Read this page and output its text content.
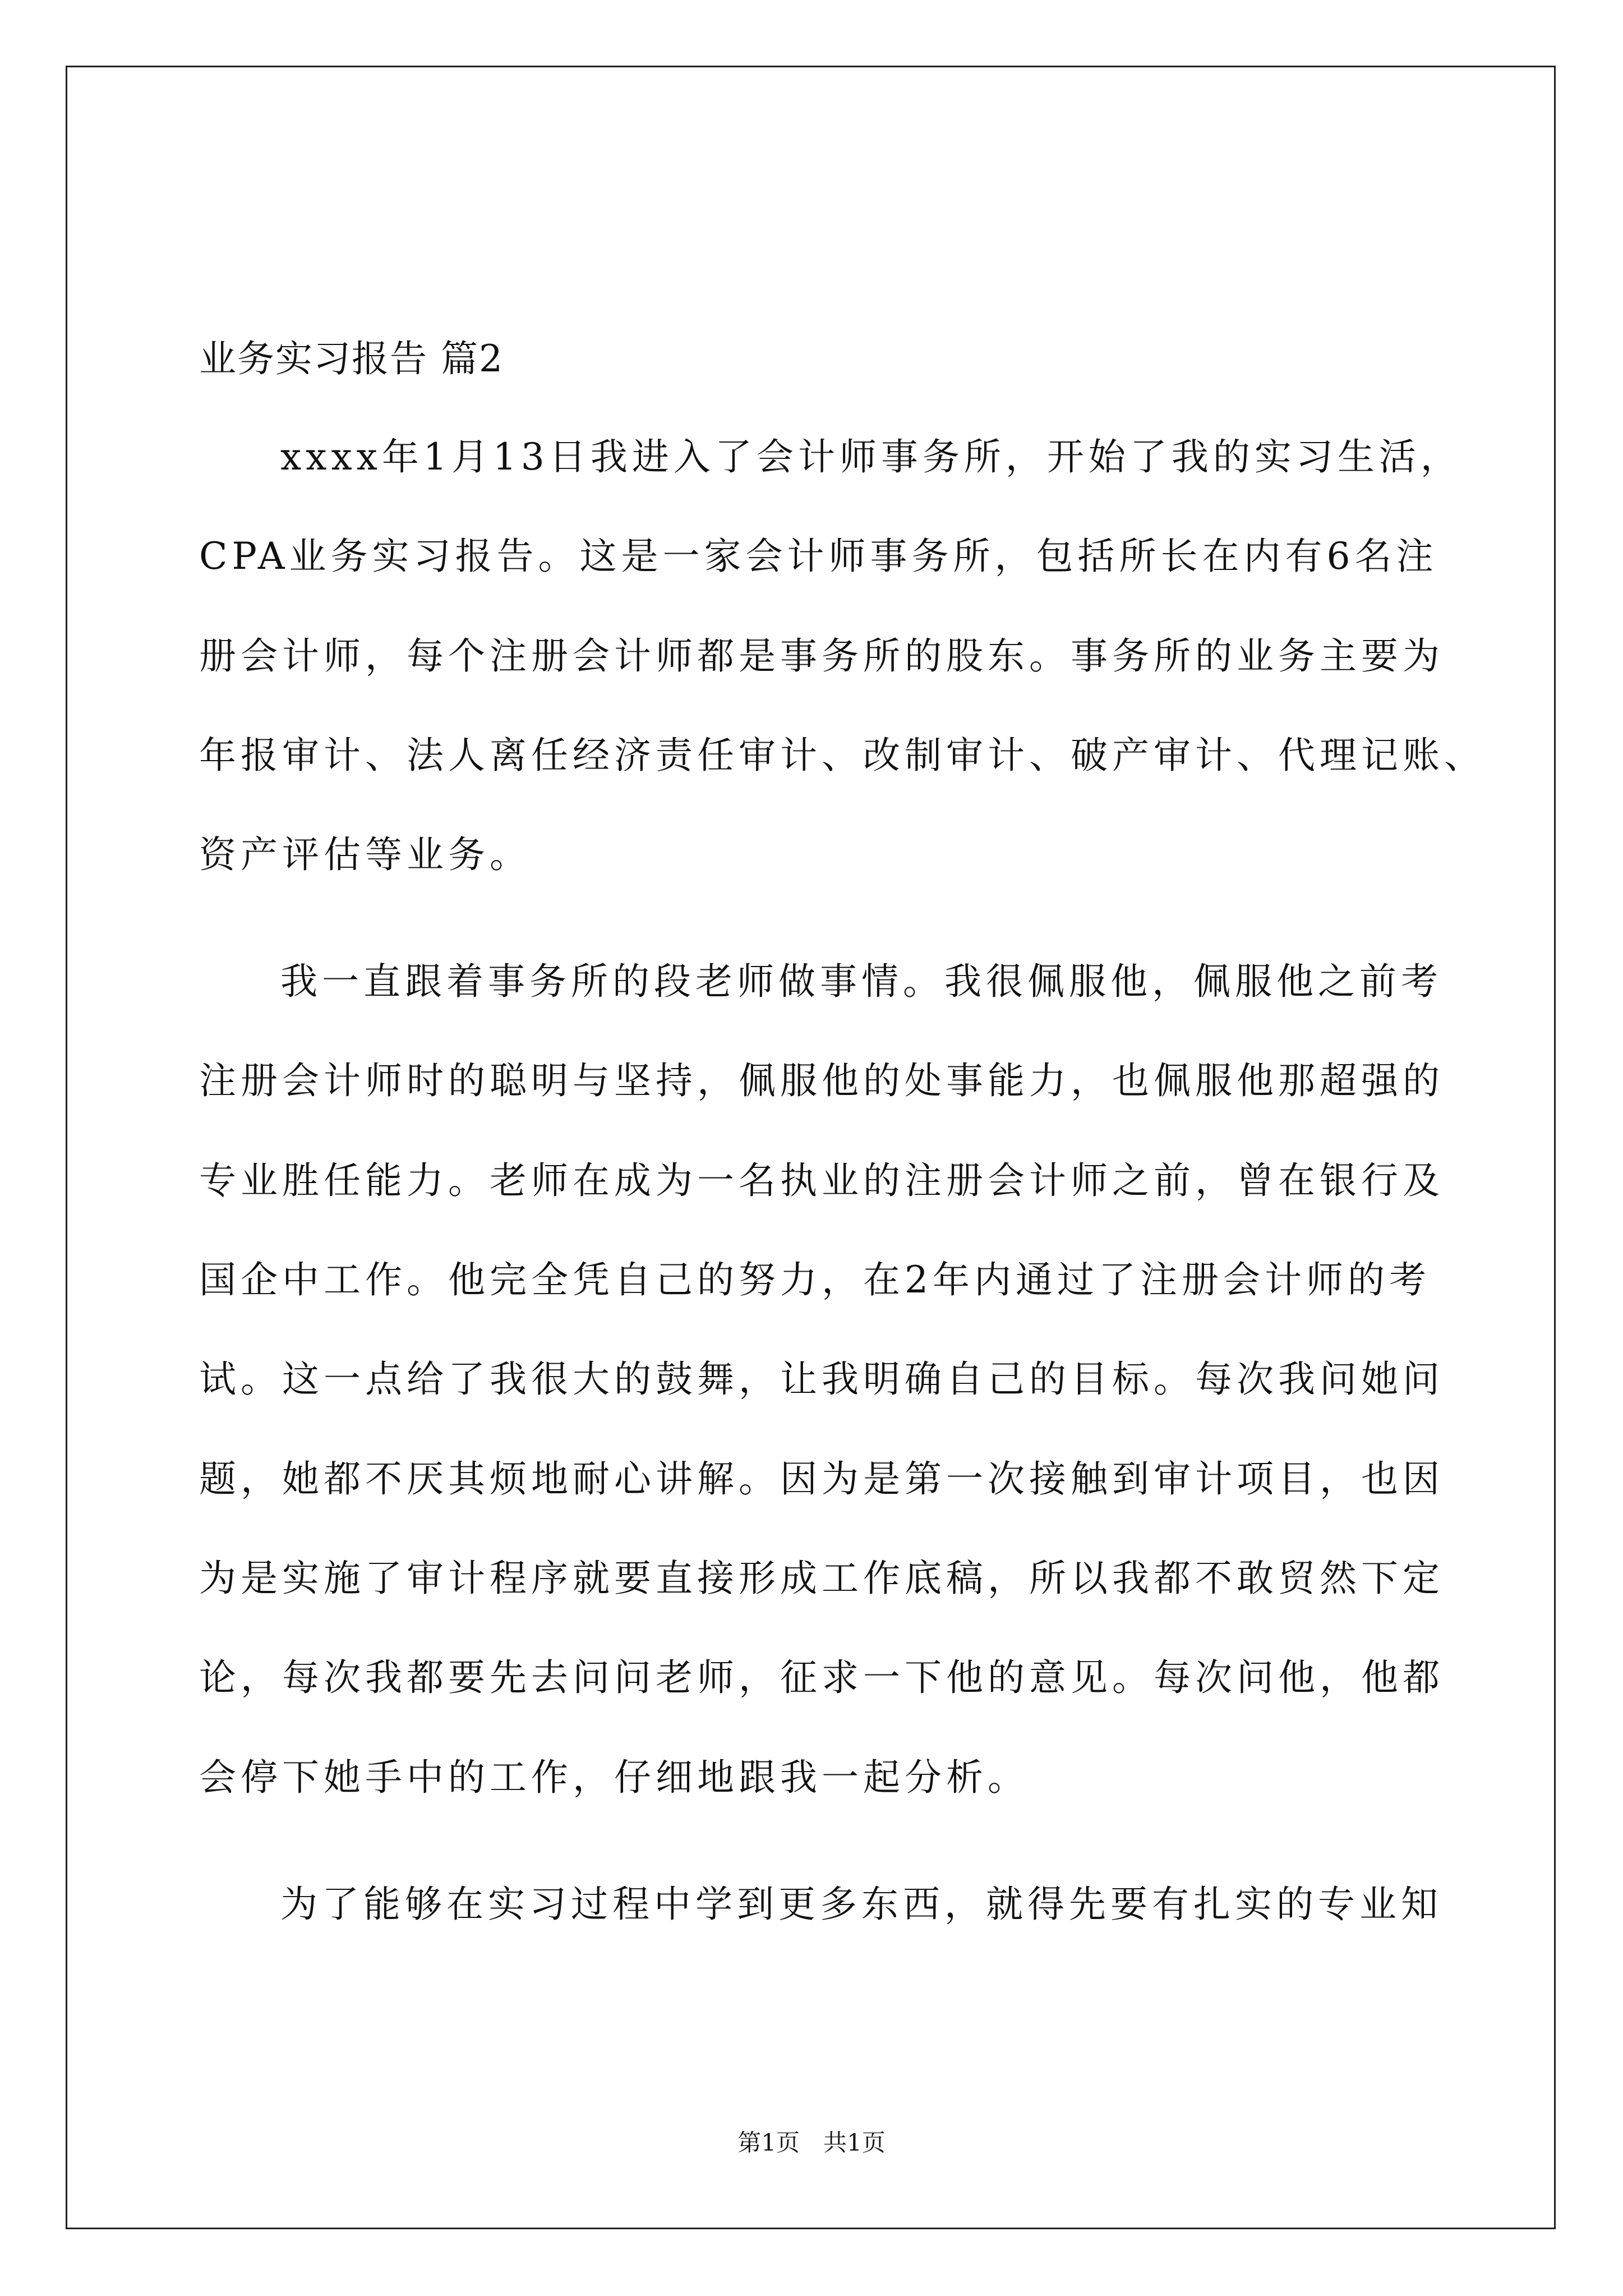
业务实习报告 篇2
xxxx年1月13日我进入了会计师事务所，开始了我的实习生活，
CPA业务实习报告。这是一家会计师事务所，包括所长在内有6名注
册会计师，每个注册会计师都是事务所的股东。事务所的业务主要为
年报审计、法人离任经济责任审计、改制审计、破产审计、代理记账、
资产评估等业务。
我一直跟着事务所的段老师做事情。我很佩服他，佩服他之前考
注册会计师时的聪明与坚持，佩服他的处事能力，也佩服他那超强的
专业胜任能力。老师在成为一名执业的注册会计师之前，曾在银行及
国企中工作。他完全凭自己的努力，在2年内通过了注册会计师的考
试。这一点给了我很大的鼓舞，让我明确自己的目标。每次我问她问
题，她都不厌其烦地耐心讲解。因为是第一次接触到审计项目，也因
为是实施了审计程序就要直接形成工作底稿，所以我都不敢贸然下定
论，每次我都要先去问问老师，征求一下他的意见。每次问他，他都
会停下她手中的工作，仔细地跟我一起分析。
为了能够在实习过程中学到更多东西，就得先要有扎实的专业知
第1页　共1页
